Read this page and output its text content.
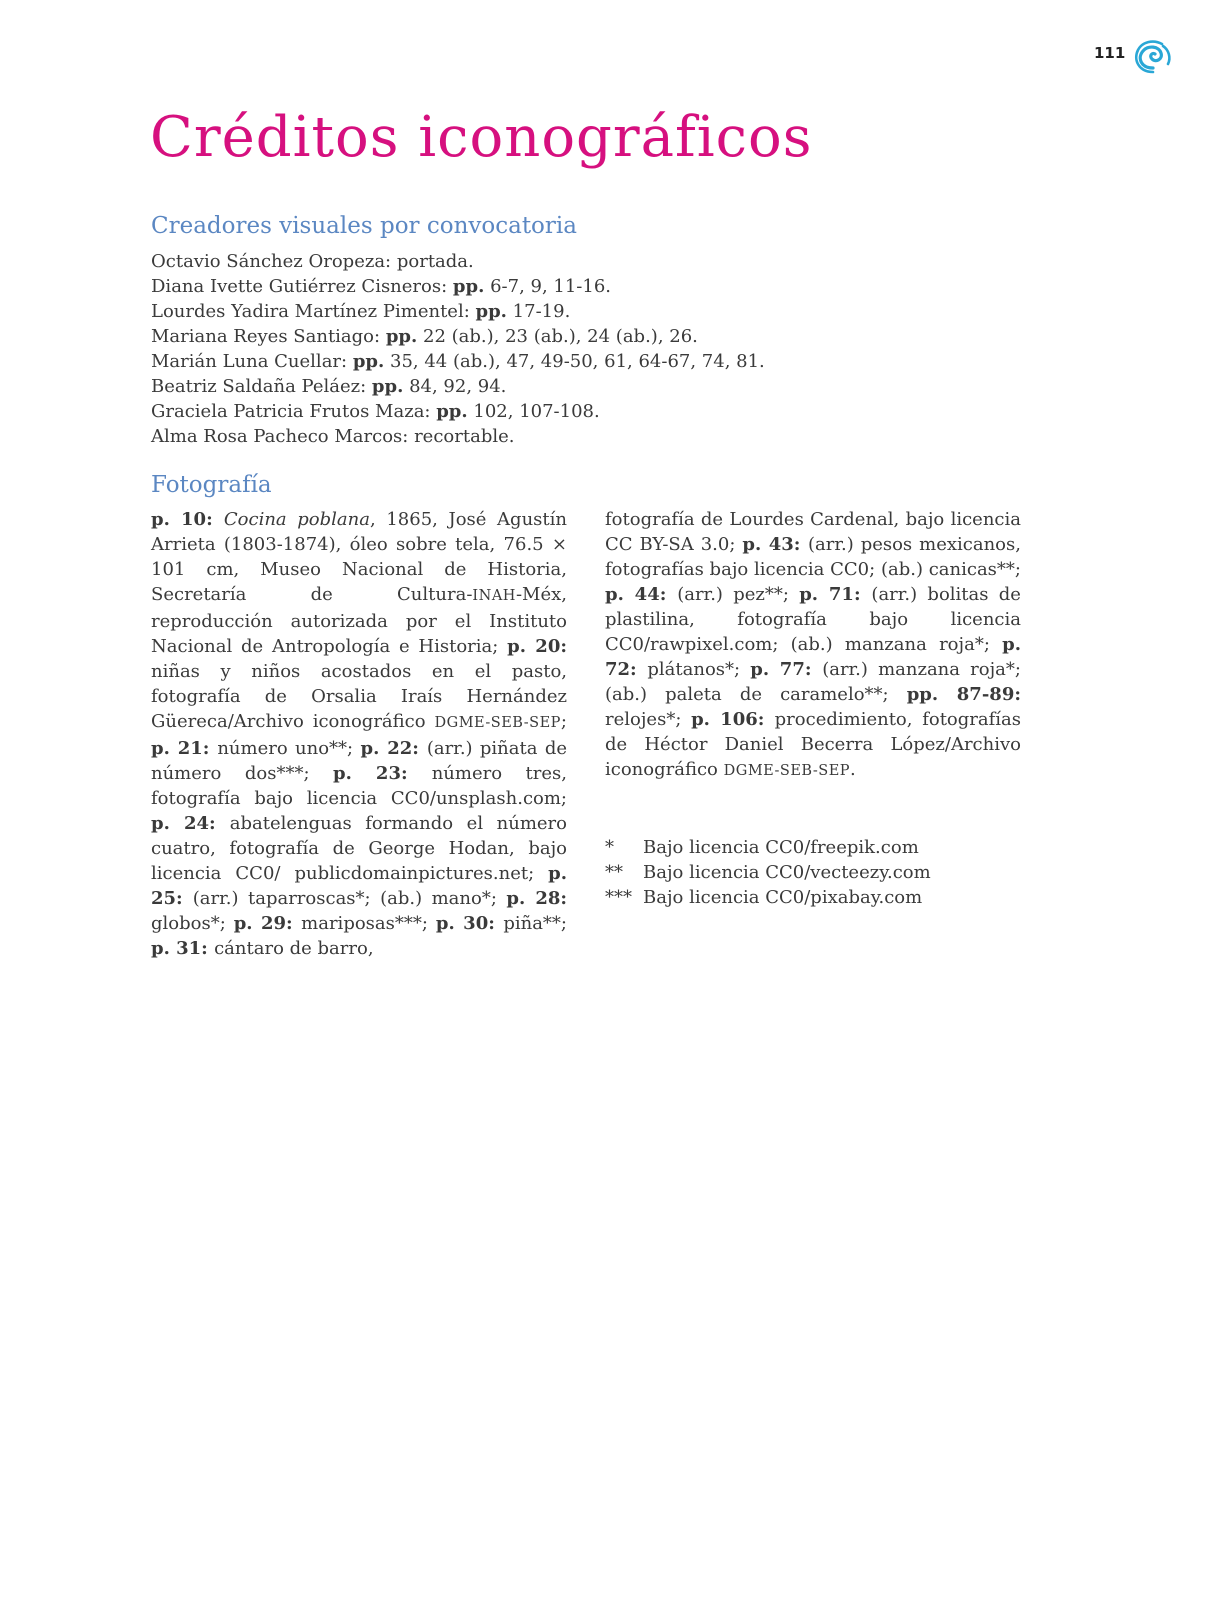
111
Créditos iconográficos
Creadores visuales por convocatoria
Octavio Sánchez Oropeza: portada.
Diana Ivette Gutiérrez Cisneros: pp. 6-7, 9, 11-16.
Lourdes Yadira Martínez Pimentel: pp. 17-19.
Mariana Reyes Santiago: pp. 22 (ab.), 23 (ab.), 24 (ab.), 26.
Marián Luna Cuellar: pp. 35, 44 (ab.), 47, 49-50, 61, 64-67, 74, 81.
Beatriz Saldaña Peláez: pp. 84, 92, 94.
Graciela Patricia Frutos Maza: pp. 102, 107-108.
Alma Rosa Pacheco Marcos: recortable.
Fotografía
p. 10: Cocina poblana, 1865, José Agustín Arrieta (1803-1874), óleo sobre tela, 76.5 × 101 cm, Museo Nacional de Historia, Secretaría de Cultura-INAH-Méx, reproducción autorizada por el Instituto Nacional de Antropología e Historia; p. 20: niñas y niños acostados en el pasto, fotografía de Orsalia Iraís Hernández Güereca/Archivo iconográfico DGME-SEB-SEP; p. 21: número uno**; p. 22: (arr.) piñata de número dos***; p. 23: número tres, fotografía bajo licencia CC0/unsplash.com; p. 24: abatelenguas formando el número cuatro, fotografía de George Hodan, bajo licencia CC0/ publicdomainpictures.net; p. 25: (arr.) taparroscas*; (ab.) mano*; p. 28: globos*; p. 29: mariposas***; p. 30: piña**; p. 31: cántaro de barro,
fotografía de Lourdes Cardenal, bajo licencia CC BY-SA 3.0; p. 43: (arr.) pesos mexicanos, fotografías bajo licencia CC0; (ab.) canicas**; p. 44: (arr.) pez**; p. 71: (arr.) bolitas de plastilina, fotografía bajo licencia CC0/rawpixel.com; (ab.) manzana roja*; p. 72: plátanos*; p. 77: (arr.) manzana roja*; (ab.) paleta de caramelo**; pp. 87-89: relojes*; p. 106: procedimiento, fotografías de Héctor Daniel Becerra López/Archivo iconográfico DGME-SEB-SEP.
* Bajo licencia CC0/freepik.com
** Bajo licencia CC0/vecteezy.com
*** Bajo licencia CC0/pixabay.com
